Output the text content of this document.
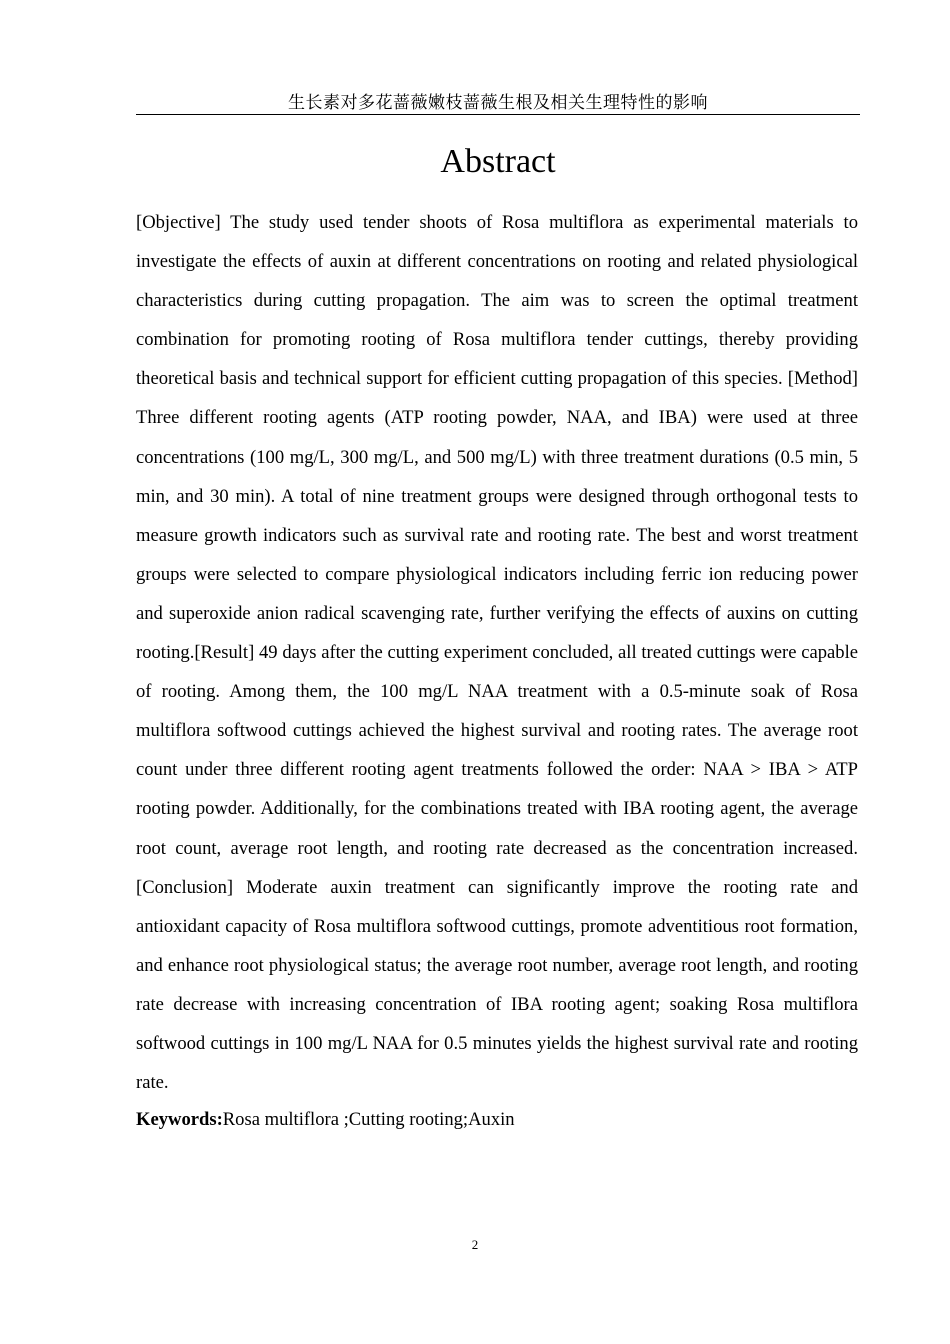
生长素对多花蔷薇嫩枝蔷薇生根及相关生理特性的影响
Abstract

[Objective] The study used tender shoots of Rosa multiflora as experimental materials to investigate the effects of auxin at different concentrations on rooting and related physiological characteristics during cutting propagation. The aim was to screen the optimal treatment combination for promoting rooting of Rosa multiflora tender cuttings, thereby providing theoretical basis and technical support for efficient cutting propagation of this species. [Method] Three different rooting agents (ATP rooting powder, NAA, and IBA) were used at three concentrations (100 mg/L, 300 mg/L, and 500 mg/L) with three treatment durations (0.5 min, 5 min, and 30 min). A total of nine treatment groups were designed through orthogonal tests to measure growth indicators such as survival rate and rooting rate. The best and worst treatment groups were selected to compare physiological indicators including ferric ion reducing power and superoxide anion radical scavenging rate, further verifying the effects of auxins on cutting rooting.[Result] 49 days after the cutting experiment concluded, all treated cuttings were capable of rooting. Among them, the 100 mg/L NAA treatment with a 0.5-minute soak of Rosa multiflora softwood cuttings achieved the highest survival and rooting rates. The average root count under three different rooting agent treatments followed the order: NAA > IBA > ATP rooting powder. Additionally, for the combinations treated with IBA rooting agent, the average root count, average root length, and rooting rate decreased as the concentration increased.[Conclusion] Moderate auxin treatment can significantly improve the rooting rate and antioxidant capacity of Rosa multiflora softwood cuttings, promote adventitious root formation, and enhance root physiological status; the average root number, average root length, and rooting rate decrease with increasing concentration of IBA rooting agent; soaking Rosa multiflora softwood cuttings in 100 mg/L NAA for 0.5 minutes yields the highest survival rate and rooting rate.

Keywords:Rosa multiflora ;Cutting rooting;Auxin
2
